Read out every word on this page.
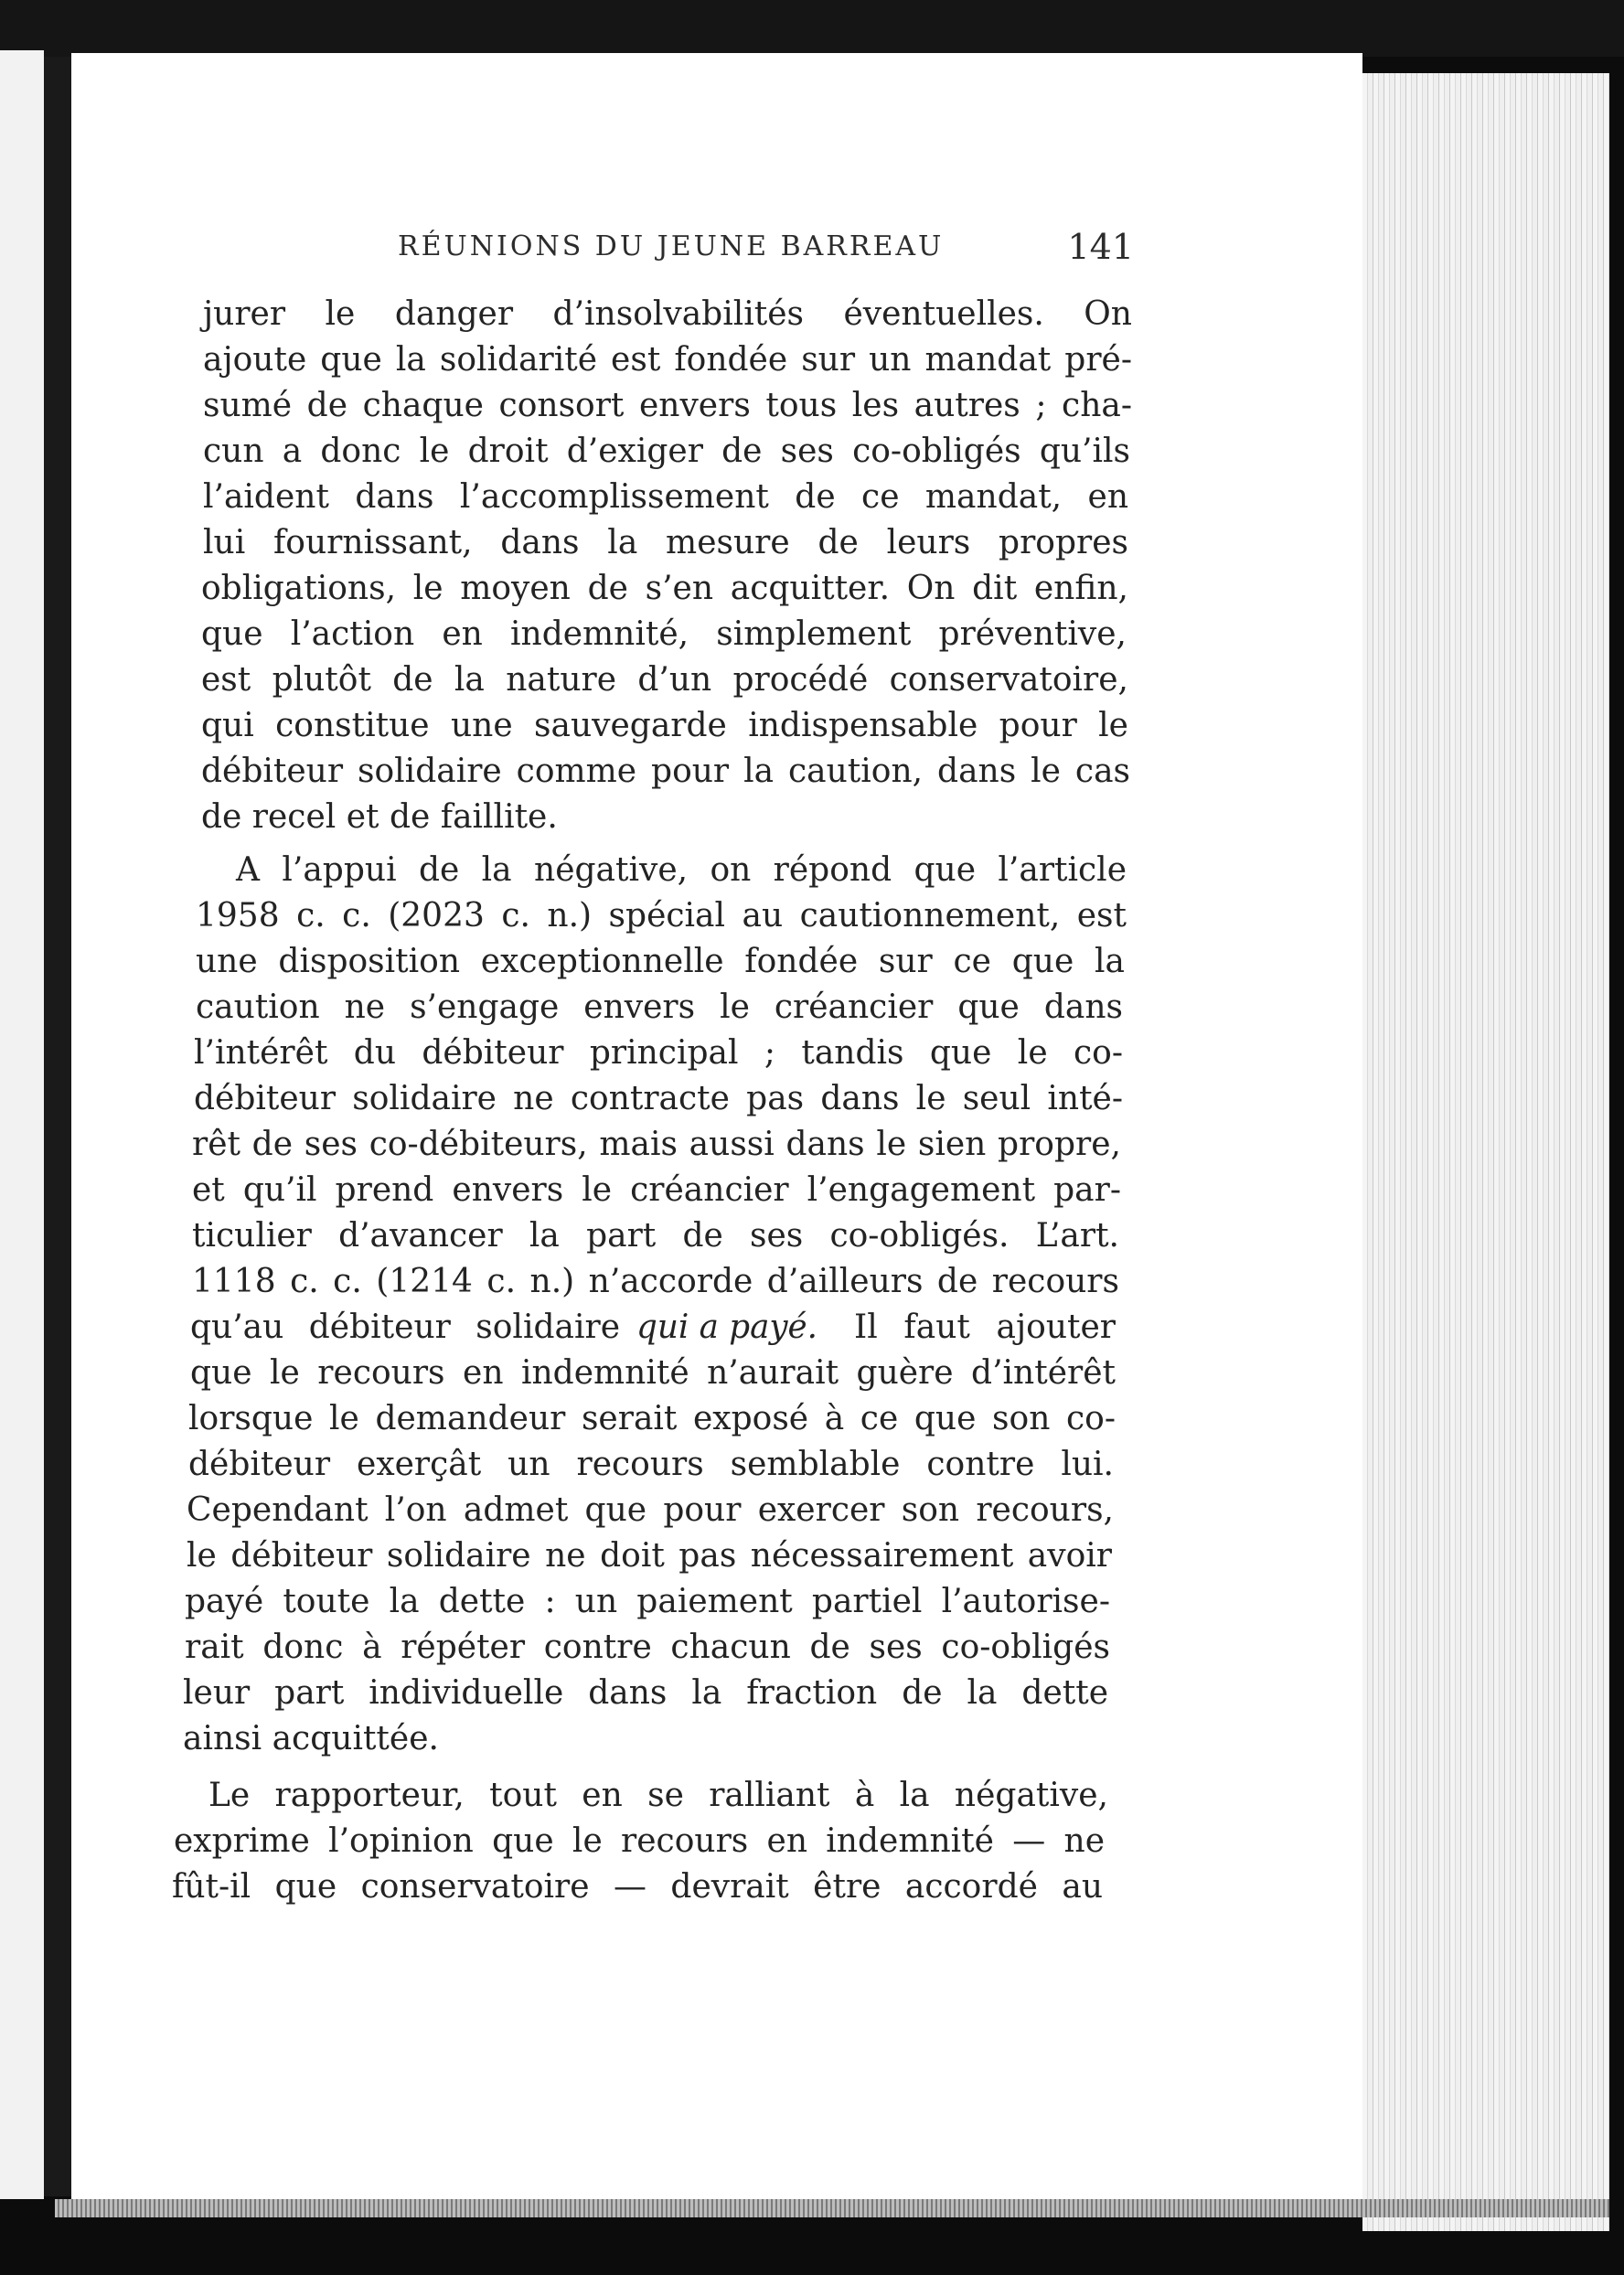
RÉUNIONS DU JEUNE BARREAU	141
jurer le danger d’insolvabilités éventuelles. On
ajoute que la solidarité est fondée sur un mandat pré-
sumé de chaque consort envers tous les autres ; cha-
cun a donc le droit d’exiger de ses co-obligés qu’ils
l’aident dans l’accomplissement de ce mandat, en
lui fournissant, dans la mesure de leurs propres
obligations, le moyen de s’en acquitter. On dit enfin,
que l’action en indemnité, simplement préventive,
est plutôt de la nature d’un procédé conservatoire,
qui constitue une sauvegarde indispensable pour le
débiteur solidaire comme pour la caution, dans le cas
de recel et de faillite.
A l’appui de la négative, on répond que l’article
1958 c. c. (2023 c. n.) spécial au cautionnement, est
une disposition exceptionnelle fondée sur ce que la
caution ne s’engage envers le créancier que dans
l’intérêt du débiteur principal ; tandis que le co-
débiteur solidaire ne contracte pas dans le seul inté-
rêt de ses co-débiteurs, mais aussi dans le sien propre,
et qu’il prend envers le créancier l’engagement par-
ticulier d’avancer la part de ses co-obligés. L’art.
1118 c. c. (1214 c. n.) n’accorde d’ailleurs de recours
qu’au débiteur solidaire qui a payé. Il faut ajouter
que le recours en indemnité n’aurait guère d’intérêt
lorsque le demandeur serait exposé à ce que son co-
débiteur exerçât un recours semblable contre lui.
Cependant l’on admet que pour exercer son recours,
le débiteur solidaire ne doit pas nécessairement avoir
payé toute la dette : un paiement partiel l’autorise-
rait donc à répéter contre chacun de ses co-obligés
leur part individuelle dans la fraction de la dette
ainsi acquittée.
Le rapporteur, tout en se ralliant à la négative,
exprime l’opinion que le recours en indemnité — ne
fût-il que conservatoire — devrait être accordé au
